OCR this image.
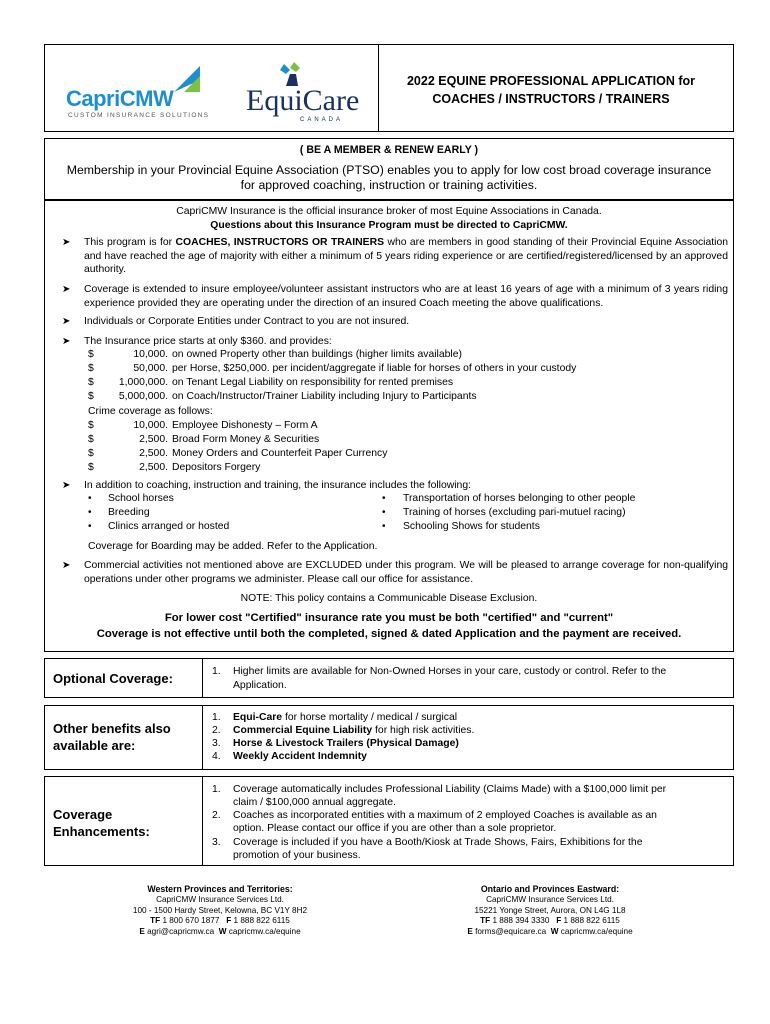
CapriCMW
CUSTOM INSURANCE SOLUTIONS EquiCare
CANADA
2022 EQUINE PROFESSIONAL APPLICATION for
COACHES / INSTRUCTORS / TRAINERS
( BE A MEMBER & RENEW EARLY )
Membership in your Provincial Equine Association (PTSO) enables you to apply for low cost broad coverage insurance
for approved coaching, instruction or training activities.
CapriCMW Insurance is the official insurance broker of most Equine Associations in Canada.
Questions about this Insurance Program must be directed to CapriCMW.
➤ This program is for COACHES, INSTRUCTORS OR TRAINERS who are members in good standing of their Provincial Equine Association and have reached the age of majority with either a minimum of 5 years riding experience or are certified/registered/licensed by an approved authority.
➤ Coverage is extended to insure employee/volunteer assistant instructors who are at least 16 years of age with a minimum of 3 years riding experience provided they are operating under the direction of an insured Coach meeting the above qualifications.
➤ Individuals or Corporate Entities under Contract to you are not insured.
➤ The Insurance price starts at only $360. and provides:
$	10,000. on owned Property other than buildings (higher limits available)
$	50,000. per Horse, $250,000. per incident/aggregate if liable for horses of others in your custody
$	1,000,000. on Tenant Legal Liability on responsibility for rented premises
$	5,000,000. on Coach/Instructor/Trainer Liability including Injury to Participants
Crime coverage as follows:
$	10,000. Employee Dishonesty – Form A
$	2,500. Broad Form Money & Securities
$	2,500. Money Orders and Counterfeit Paper Currency
$	2,500. Depositors Forgery
➤ In addition to coaching, instruction and training, the insurance includes the following:
• School horses
• Breeding
• Clinics arranged or hosted
• Transportation of horses belonging to other people
• Training of horses (excluding pari-mutuel racing)
• Schooling Shows for students
Coverage for Boarding may be added. Refer to the Application.
➤ Commercial activities not mentioned above are EXCLUDED under this program. We will be pleased to arrange coverage for non-qualifying operations under other programs we administer. Please call our office for assistance.
NOTE: This policy contains a Communicable Disease Exclusion.
For lower cost "Certified" insurance rate you must be both "certified" and "current"
Coverage is not effective until both the completed, signed & dated Application and the payment are received.
Optional Coverage:	1. Higher limits are available for Non-Owned Horses in your care, custody or control. Refer to the
Application.
Other benefits also
available are:
1. Equi-Care for horse mortality / medical / surgical
2. Commercial Equine Liability for high risk activities.
3. Horse & Livestock Trailers (Physical Damage)
4. Weekly Accident Indemnity
Coverage
Enhancements:
1. Coverage automatically includes Professional Liability (Claims Made) with a $100,000 limit per
claim / $100,000 annual aggregate.
2. Coaches as incorporated entities with a maximum of 2 employed Coaches is available as an
option. Please contact our office if you are other than a sole proprietor.
3. Coverage is included if you have a Booth/Kiosk at Trade Shows, Fairs, Exhibitions for the
promotion of your business.
Western Provinces and Territories:
CapriCMW Insurance Services Ltd.
100 - 1500 Hardy Street, Kelowna, BC V1Y 8H2
TF 1 800 670 1877 F 1 888 822 6115
E agri@capricmw.ca W capricmw.ca/equine
Ontario and Provinces Eastward:
CapriCMW Insurance Services Ltd.
15221 Yonge Street, Aurora, ON L4G 1L8
TF 1 888 394 3330 F 1 888 822 6115
E forms@equicare.ca W capricmw.ca/equine
